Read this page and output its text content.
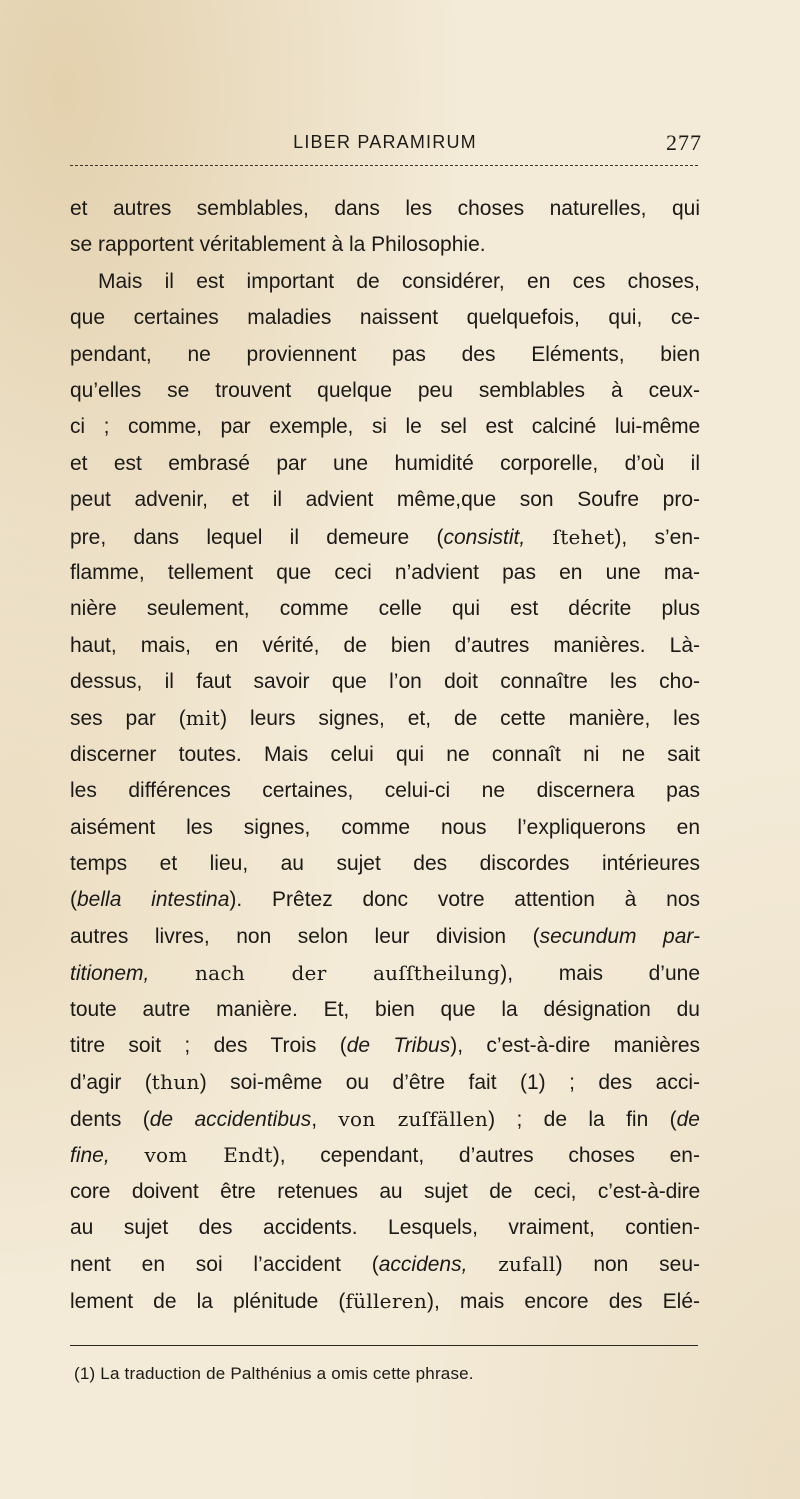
LIBER PARAMIRUM	277
et autres semblables, dans les choses naturelles, qui
se rapportent véritablement à la Philosophie.
Mais il est important de considérer, en ces choses,
que certaines maladies naissent quelquefois, qui, ce-
pendant, ne proviennent pas des Eléments, bien
qu’elles se trouvent quelque peu semblables à ceux-
ci ; comme, par exemple, si le sel est calciné lui-même
et est embrasé par une humidité corporelle, d’où il
peut advenir, et il advient même,que son Soufre pro-
pre, dans lequel il demeure (consistit, ſtehet), s’en-
flamme, tellement que ceci n’advient pas en une ma-
nière seulement, comme celle qui est décrite plus
haut, mais, en vérité, de bien d’autres manières. Là-
dessus, il faut savoir que l’on doit connaître les cho-
ses par (mit) leurs signes, et, de cette manière, les
discerner toutes. Mais celui qui ne connaît ni ne sait
les différences certaines, celui-ci ne discernera pas
aisément les signes, comme nous l’expliquerons en
temps et lieu, au sujet des discordes intérieures
(bella intestina). Prêtez donc votre attention à nos
autres livres, non selon leur division (secundum par-
titionem, nach der auſſtheilung), mais d’une
toute autre manière. Et, bien que la désignation du
titre soit ; des Trois (de Tribus), c’est-à-dire manières
d’agir (thun) soi-même ou d’être fait (1) ; des acci-
dents (de accidentibus, von zuſfällen) ; de la fin (de
fine, vom Endt), cependant, d’autres choses en-
core doivent être retenues au sujet de ceci, c’est-à-dire
au sujet des accidents. Lesquels, vraiment, contien-
nent en soi l’accident (accidens, zufall) non seu-
lement de la plénitude (fülleren), mais encore des Elé-
(1) La traduction de Palthénius a omis cette phrase.
